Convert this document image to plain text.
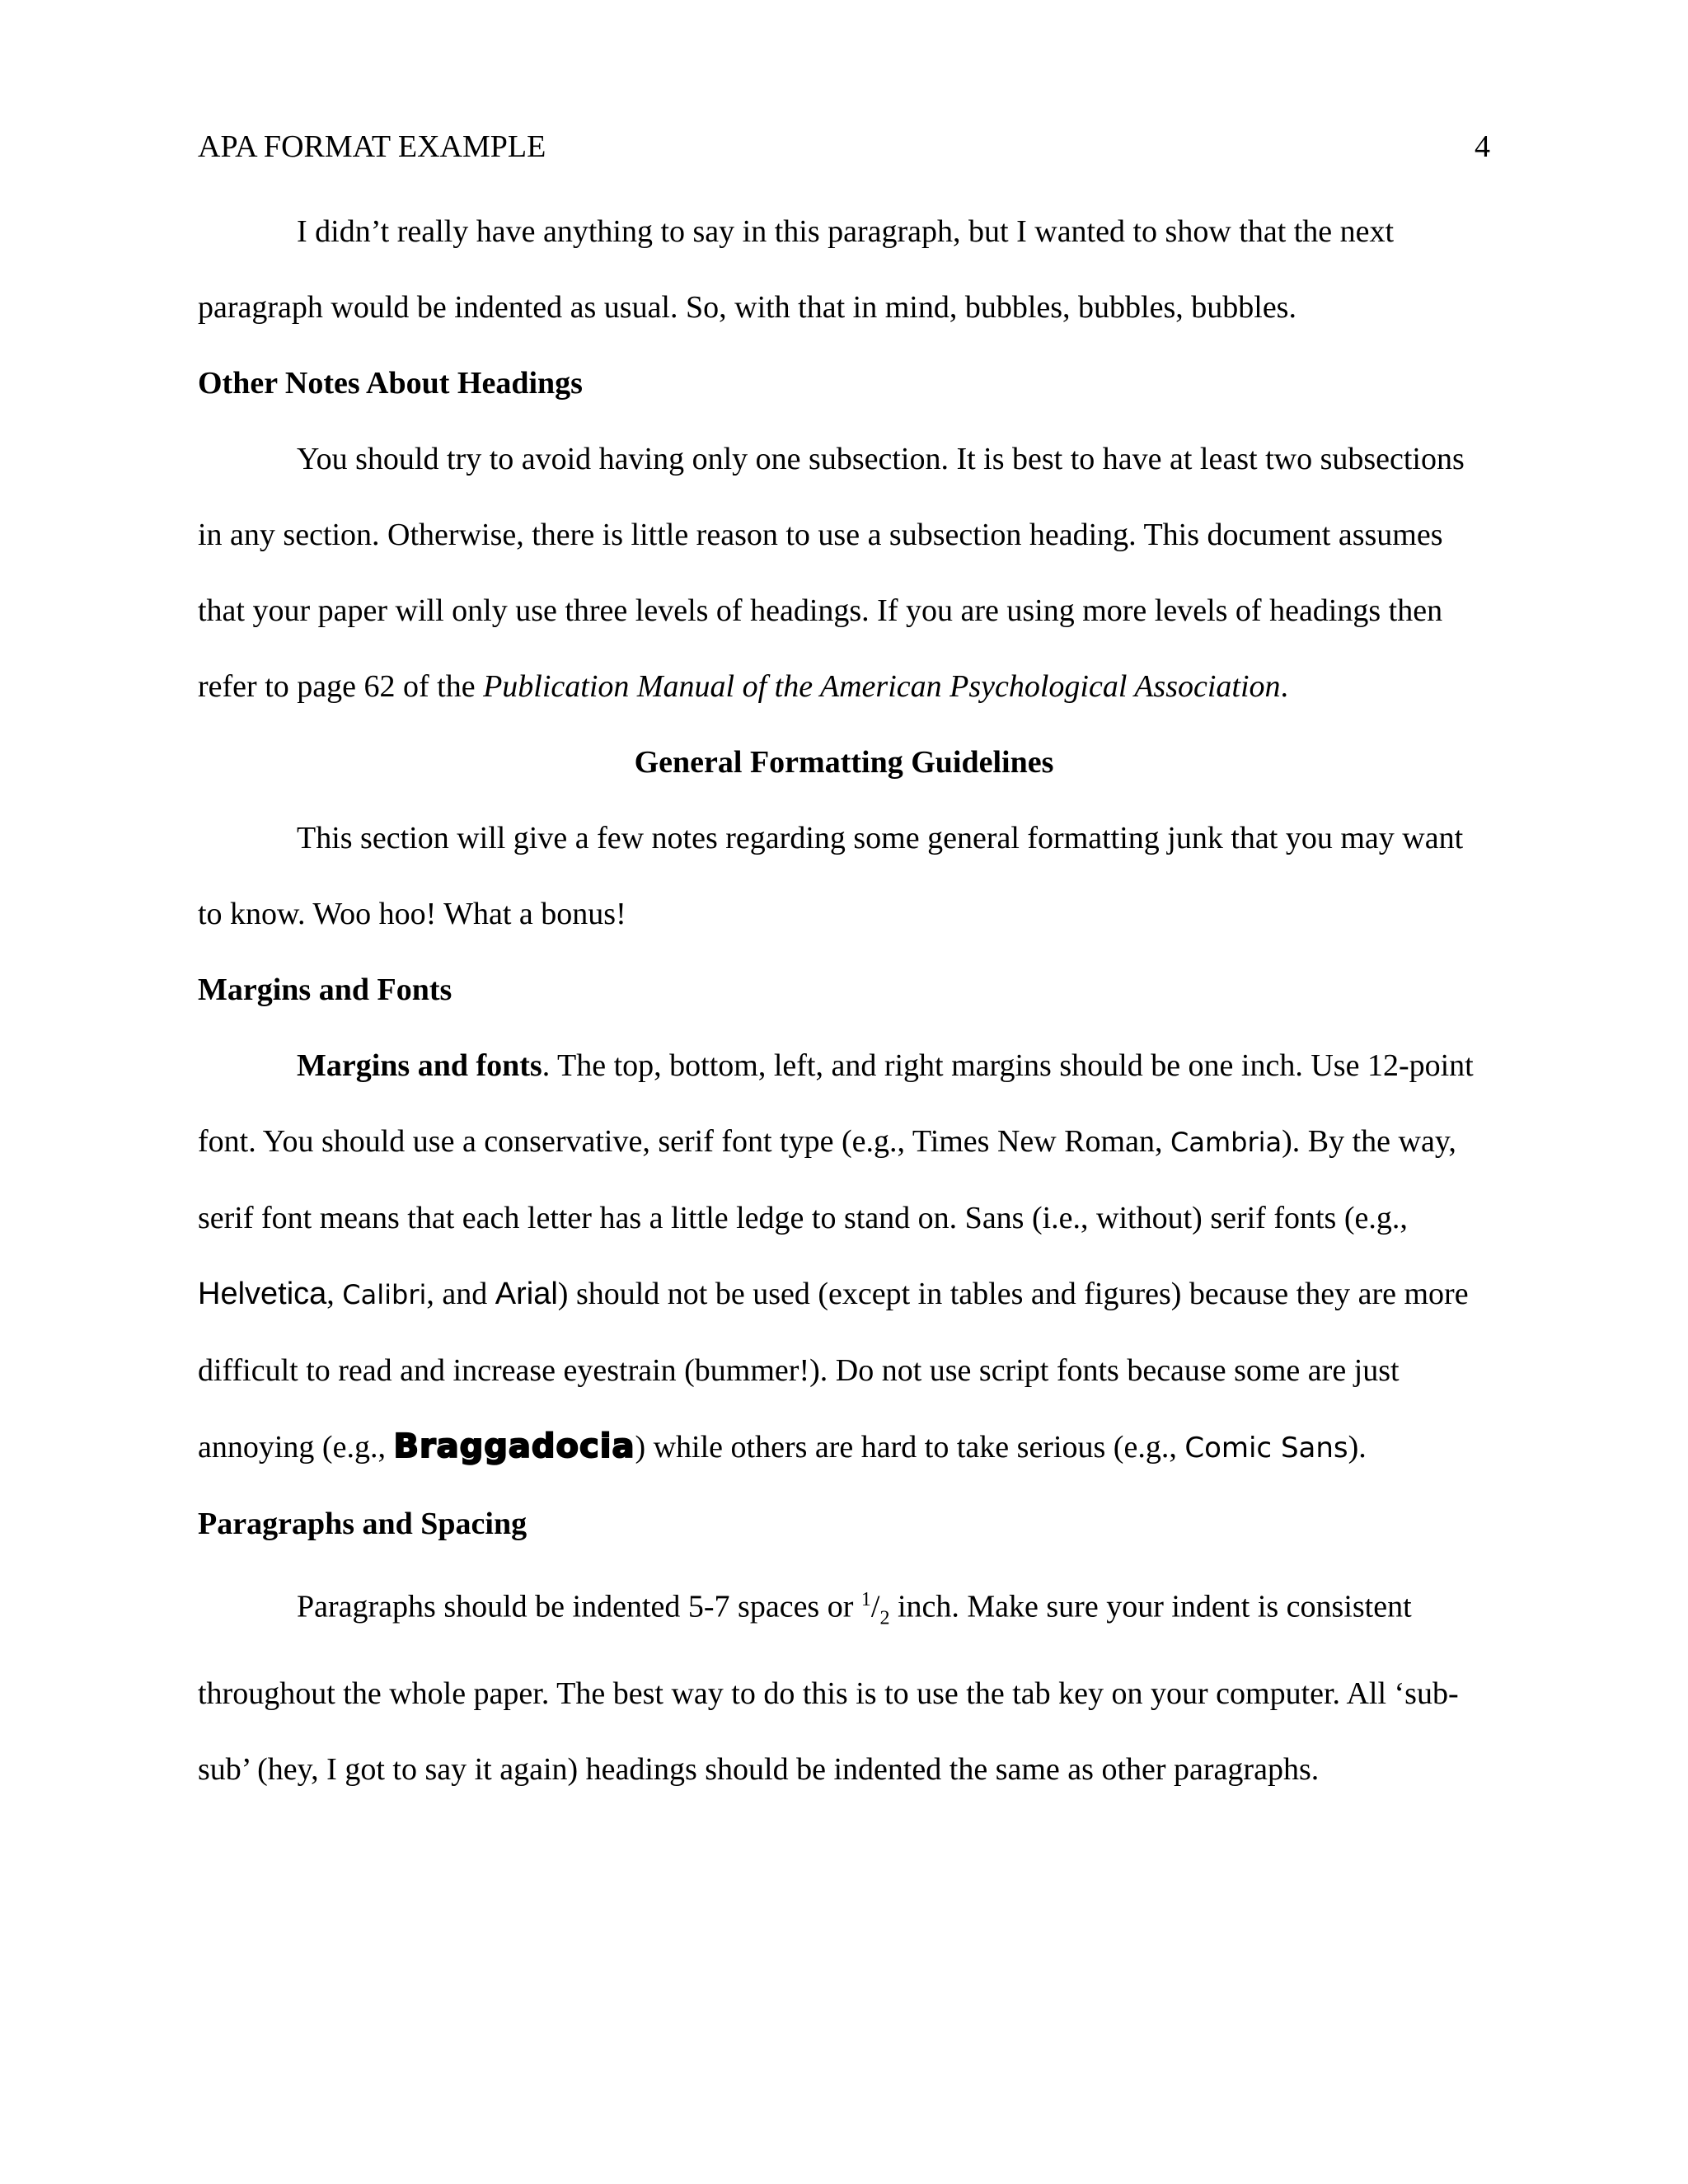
APA FORMAT EXAMPLE	4

I didn’t really have anything to say in this paragraph, but I wanted to show that the next paragraph would be indented as usual. So, with that in mind, bubbles, bubbles, bubbles.

Other Notes About Headings

You should try to avoid having only one subsection. It is best to have at least two subsections in any section. Otherwise, there is little reason to use a subsection heading. This document assumes that your paper will only use three levels of headings. If you are using more levels of headings then refer to page 62 of the Publication Manual of the American Psychological Association.

General Formatting Guidelines

This section will give a few notes regarding some general formatting junk that you may want to know. Woo hoo! What a bonus!

Margins and Fonts

Margins and fonts. The top, bottom, left, and right margins should be one inch. Use 12-point font. You should use a conservative, serif font type (e.g., Times New Roman, Cambria). By the way, serif font means that each letter has a little ledge to stand on. Sans (i.e., without) serif fonts (e.g., Helvetica, Calibri, and Arial) should not be used (except in tables and figures) because they are more difficult to read and increase eyestrain (bummer!). Do not use script fonts because some are just annoying (e.g., Braggadocia) while others are hard to take serious (e.g., Comic Sans).

Paragraphs and Spacing

Paragraphs should be indented 5-7 spaces or $^1/_2$ inch. Make sure your indent is consistent throughout the whole paper. The best way to do this is to use the tab key on your computer. All ‘sub-sub’ (hey, I got to say it again) headings should be indented the same as other paragraphs.
